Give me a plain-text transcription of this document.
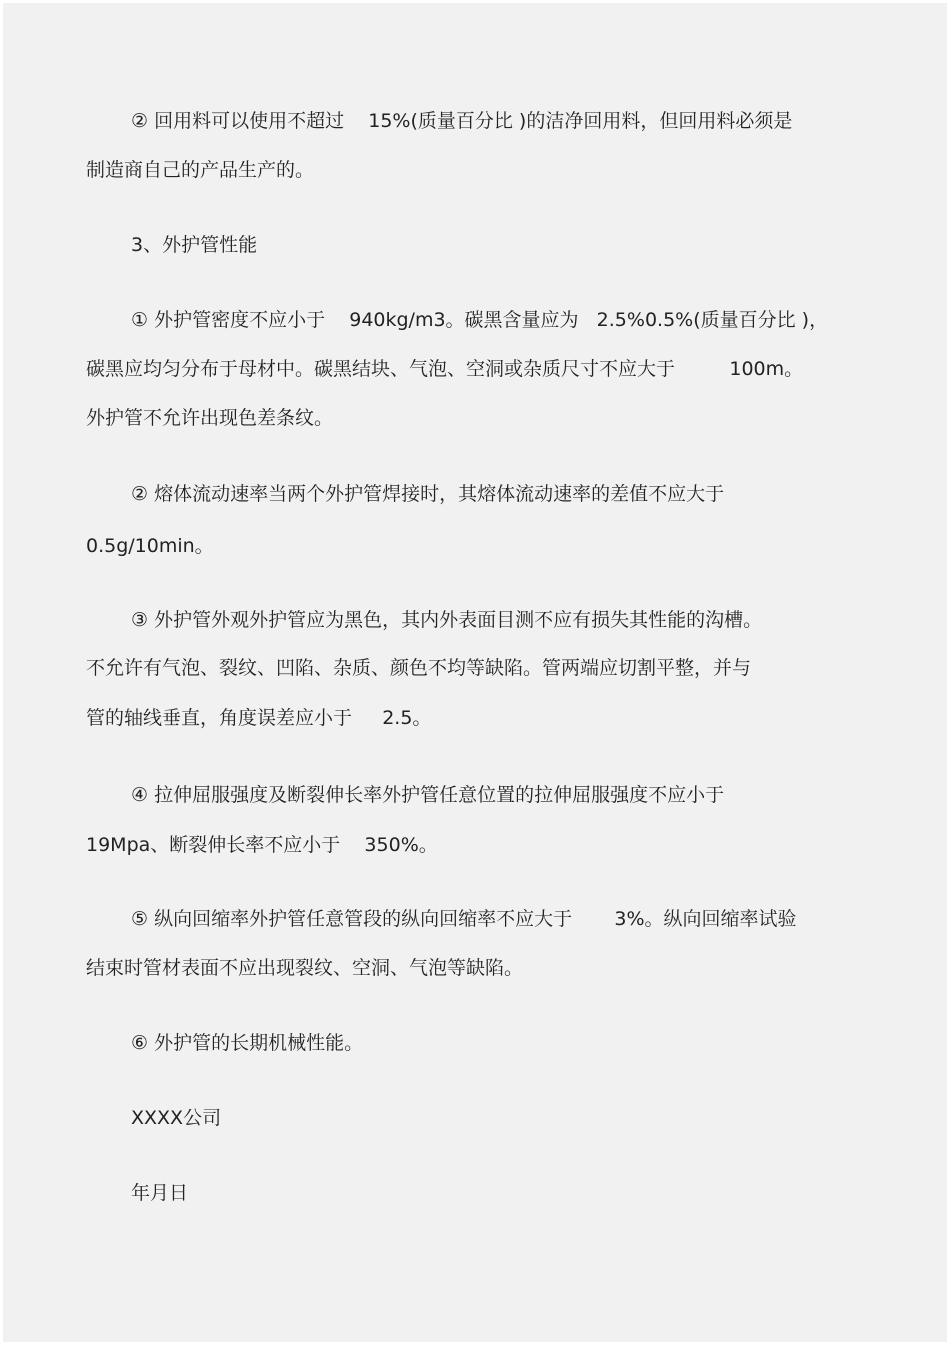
② 回用料可以使用不超过    15%(质量百分比 )的洁净回用料，但回用料必须是

制造商自己的产品生产的。

3、外护管性能

① 外护管密度不应小于    940kg/m3。碳黑含量应为   2.5%0.5%(质量百分比 )，

碳黑应均匀分布于母材中。碳黑结块、气泡、空洞或杂质尺寸不应大于         100m。

外护管不允许出现色差条纹。

② 熔体流动速率当两个外护管焊接时，其熔体流动速率的差值不应大于

0.5g/10min。

③ 外护管外观外护管应为黑色，其内外表面目测不应有损失其性能的沟槽。

不允许有气泡、裂纹、凹陷、杂质、颜色不均等缺陷。管两端应切割平整，并与

管的轴线垂直，角度误差应小于     2.5。

④ 拉伸屈服强度及断裂伸长率外护管任意位置的拉伸屈服强度不应小于

19Mpa、断裂伸长率不应小于    350%。

⑤ 纵向回缩率外护管任意管段的纵向回缩率不应大于       3%。纵向回缩率试验

结束时管材表面不应出现裂纹、空洞、气泡等缺陷。

⑥ 外护管的长期机械性能。

XXXX公司

年月日
